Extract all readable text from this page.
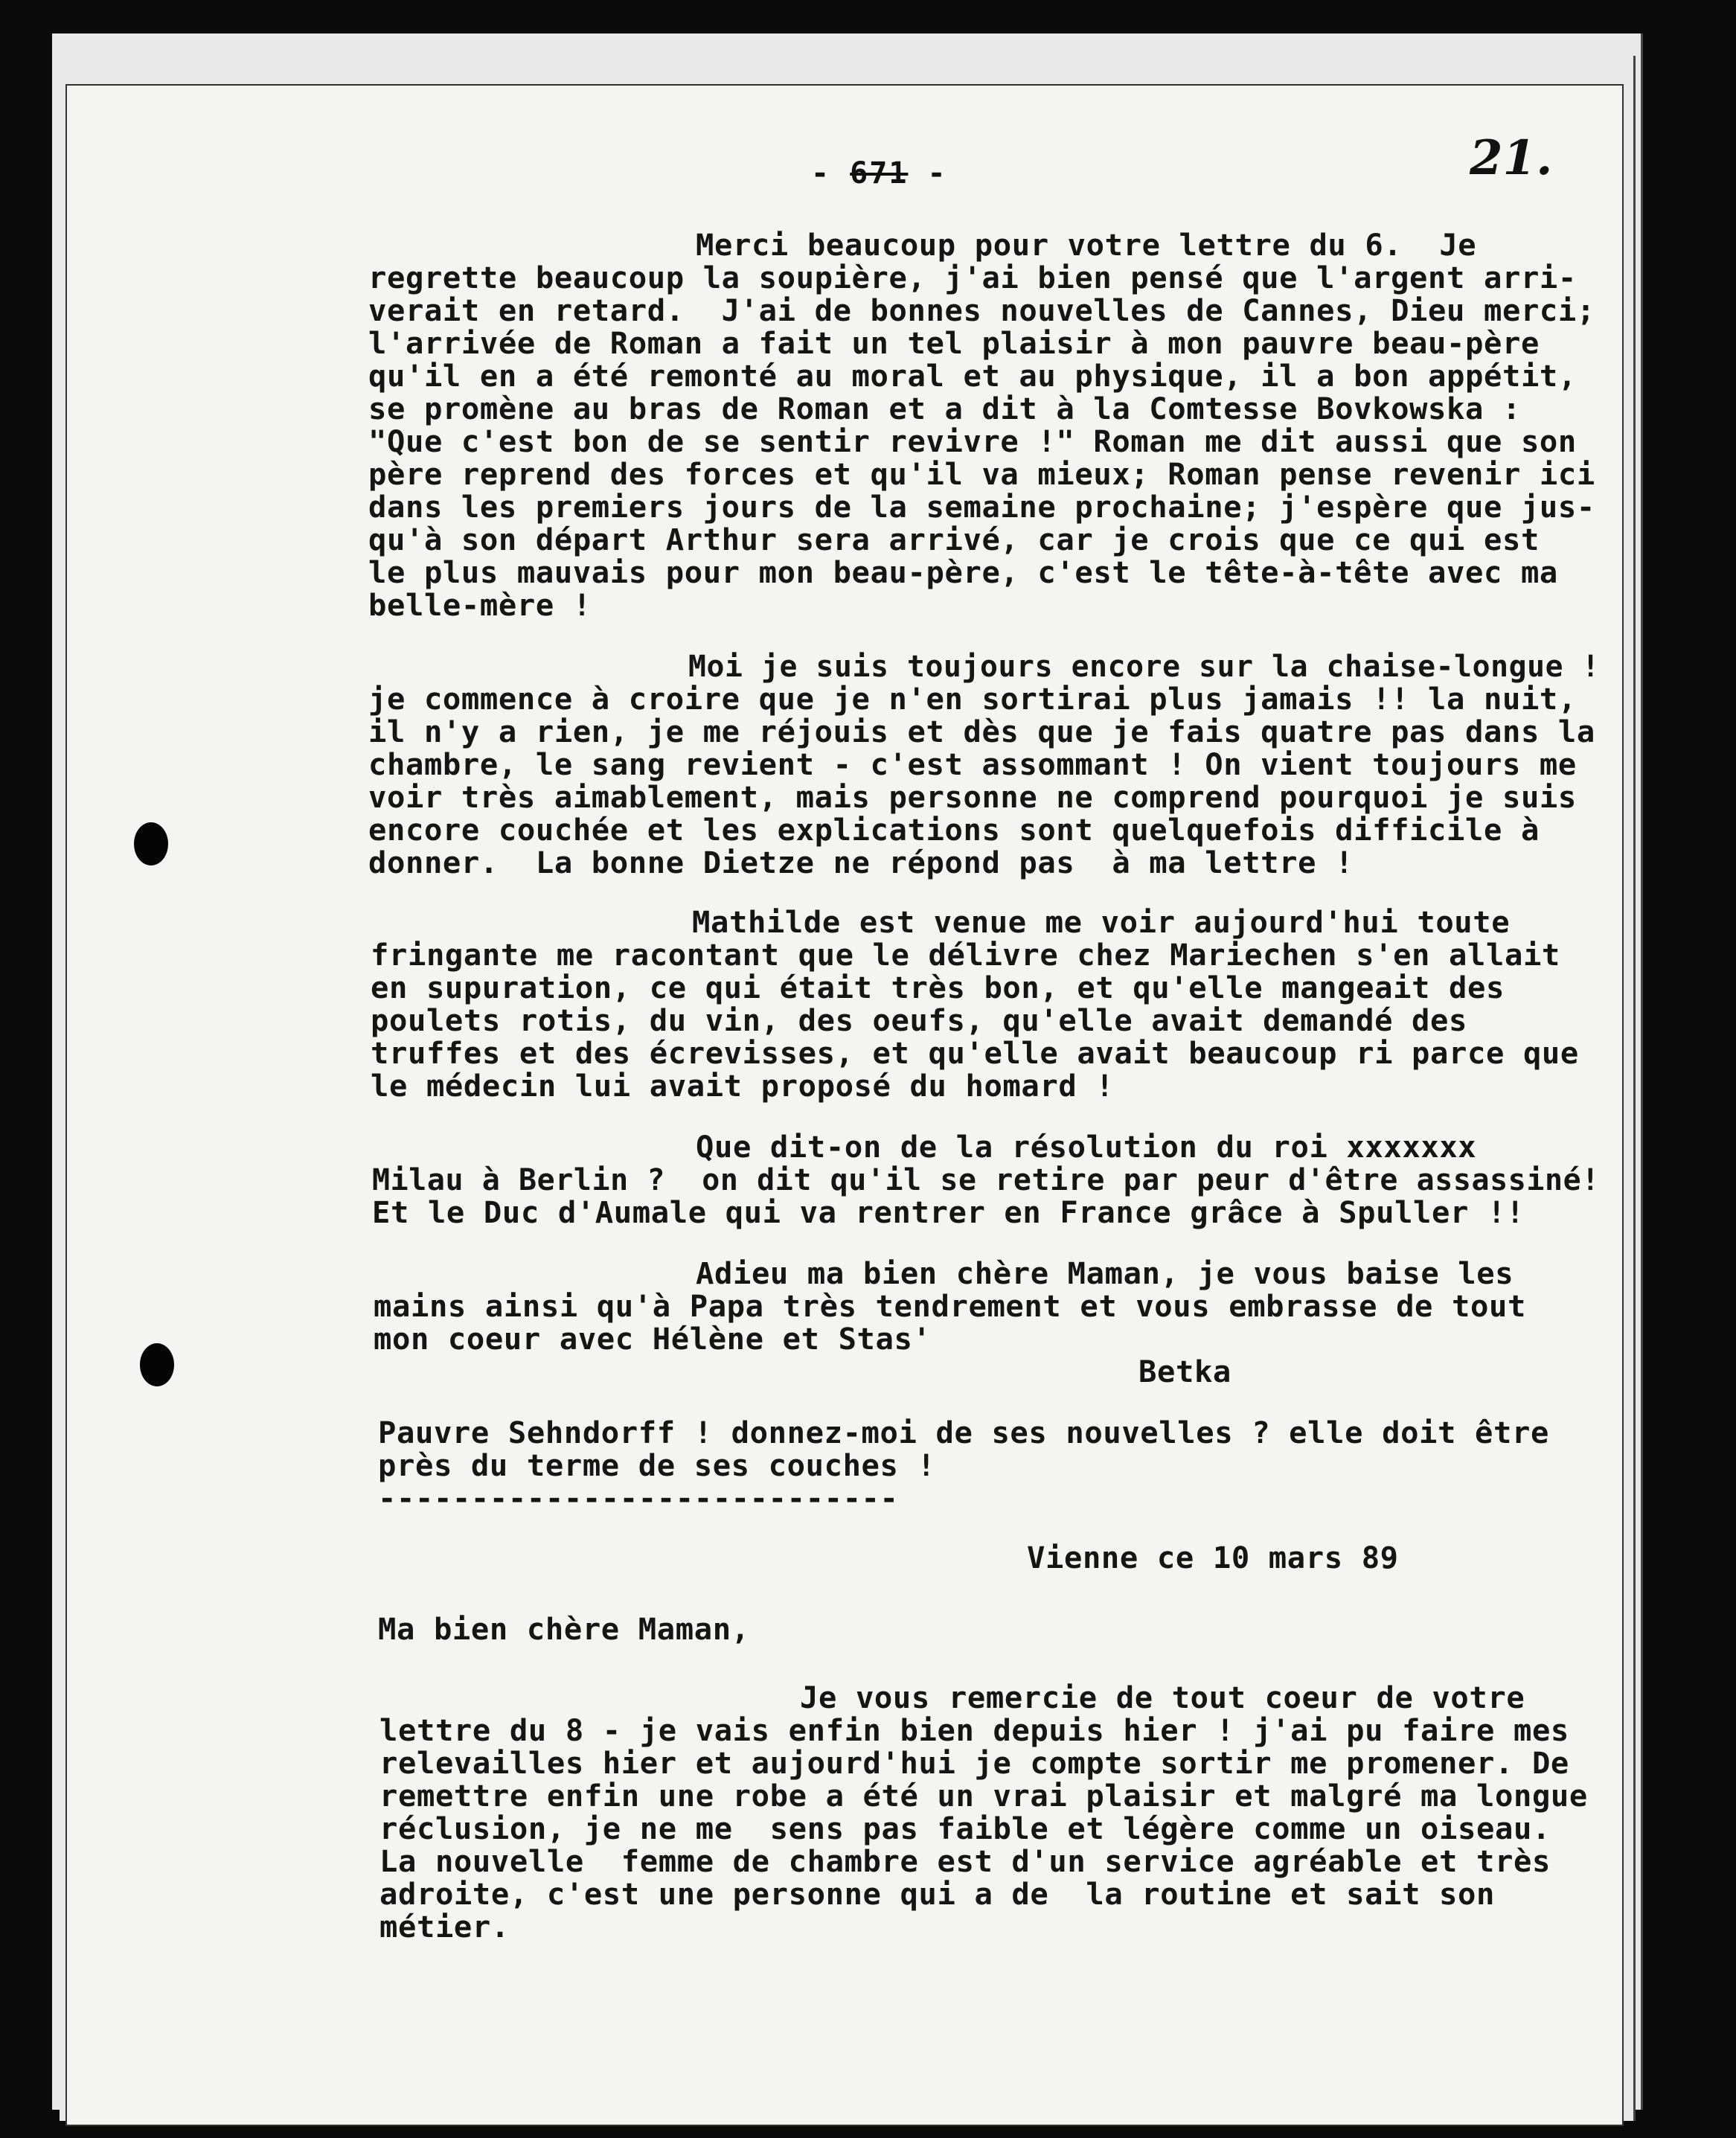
- 671 -	21.
Merci beaucoup pour votre lettre du 6.  Je
regrette beaucoup la soupière, j'ai bien pensé que l'argent arri-
verait en retard.  J'ai de bonnes nouvelles de Cannes, Dieu merci;
l'arrivée de Roman a fait un tel plaisir à mon pauvre beau-père
qu'il en a été remonté au moral et au physique, il a bon appétit,
se promène au bras de Roman et a dit à la Comtesse Bovkowska :
"Que c'est bon de se sentir revivre !" Roman me dit aussi que son
père reprend des forces et qu'il va mieux; Roman pense revenir ici
dans les premiers jours de la semaine prochaine; j'espère que jus-
qu'à son départ Arthur sera arrivé, car je crois que ce qui est
le plus mauvais pour mon beau-père, c'est le tête-à-tête avec ma
belle-mère !
Moi je suis toujours encore sur la chaise-longue !
je commence à croire que je n'en sortirai plus jamais !! la nuit,
il n'y a rien, je me réjouis et dès que je fais quatre pas dans la
chambre, le sang revient - c'est assommant ! On vient toujours me
voir très aimablement, mais personne ne comprend pourquoi je suis
encore couchée et les explications sont quelquefois difficile à
donner.  La bonne Dietze ne répond pas  à ma lettre !
Mathilde est venue me voir aujourd'hui toute
fringante me racontant que le délivre chez Mariechen s'en allait
en supuration, ce qui était très bon, et qu'elle mangeait des
poulets rotis, du vin, des oeufs, qu'elle avait demandé des
truffes et des écrevisses, et qu'elle avait beaucoup ri parce que
le médecin lui avait proposé du homard !
Que dit-on de la résolution du roi xxxxxxx
Milau à Berlin ?  on dit qu'il se retire par peur d'être assassiné!
Et le Duc d'Aumale qui va rentrer en France grâce à Spuller !!
Adieu ma bien chère Maman, je vous baise les
mains ainsi qu'à Papa très tendrement et vous embrasse de tout
mon coeur avec Hélène et Stas'
Betka
Pauvre Sehndorff ! donnez-moi de ses nouvelles ? elle doit être
près du terme de ses couches !
----------------------------
Vienne ce 10 mars 89
Ma bien chère Maman,
Je vous remercie de tout coeur de votre
lettre du 8 - je vais enfin bien depuis hier ! j'ai pu faire mes
relevailles hier et aujourd'hui je compte sortir me promener. De
remettre enfin une robe a été un vrai plaisir et malgré ma longue
réclusion, je ne me  sens pas faible et légère comme un oiseau.
La nouvelle  femme de chambre est d'un service agréable et très
adroite, c'est une personne qui a de  la routine et sait son
métier.
